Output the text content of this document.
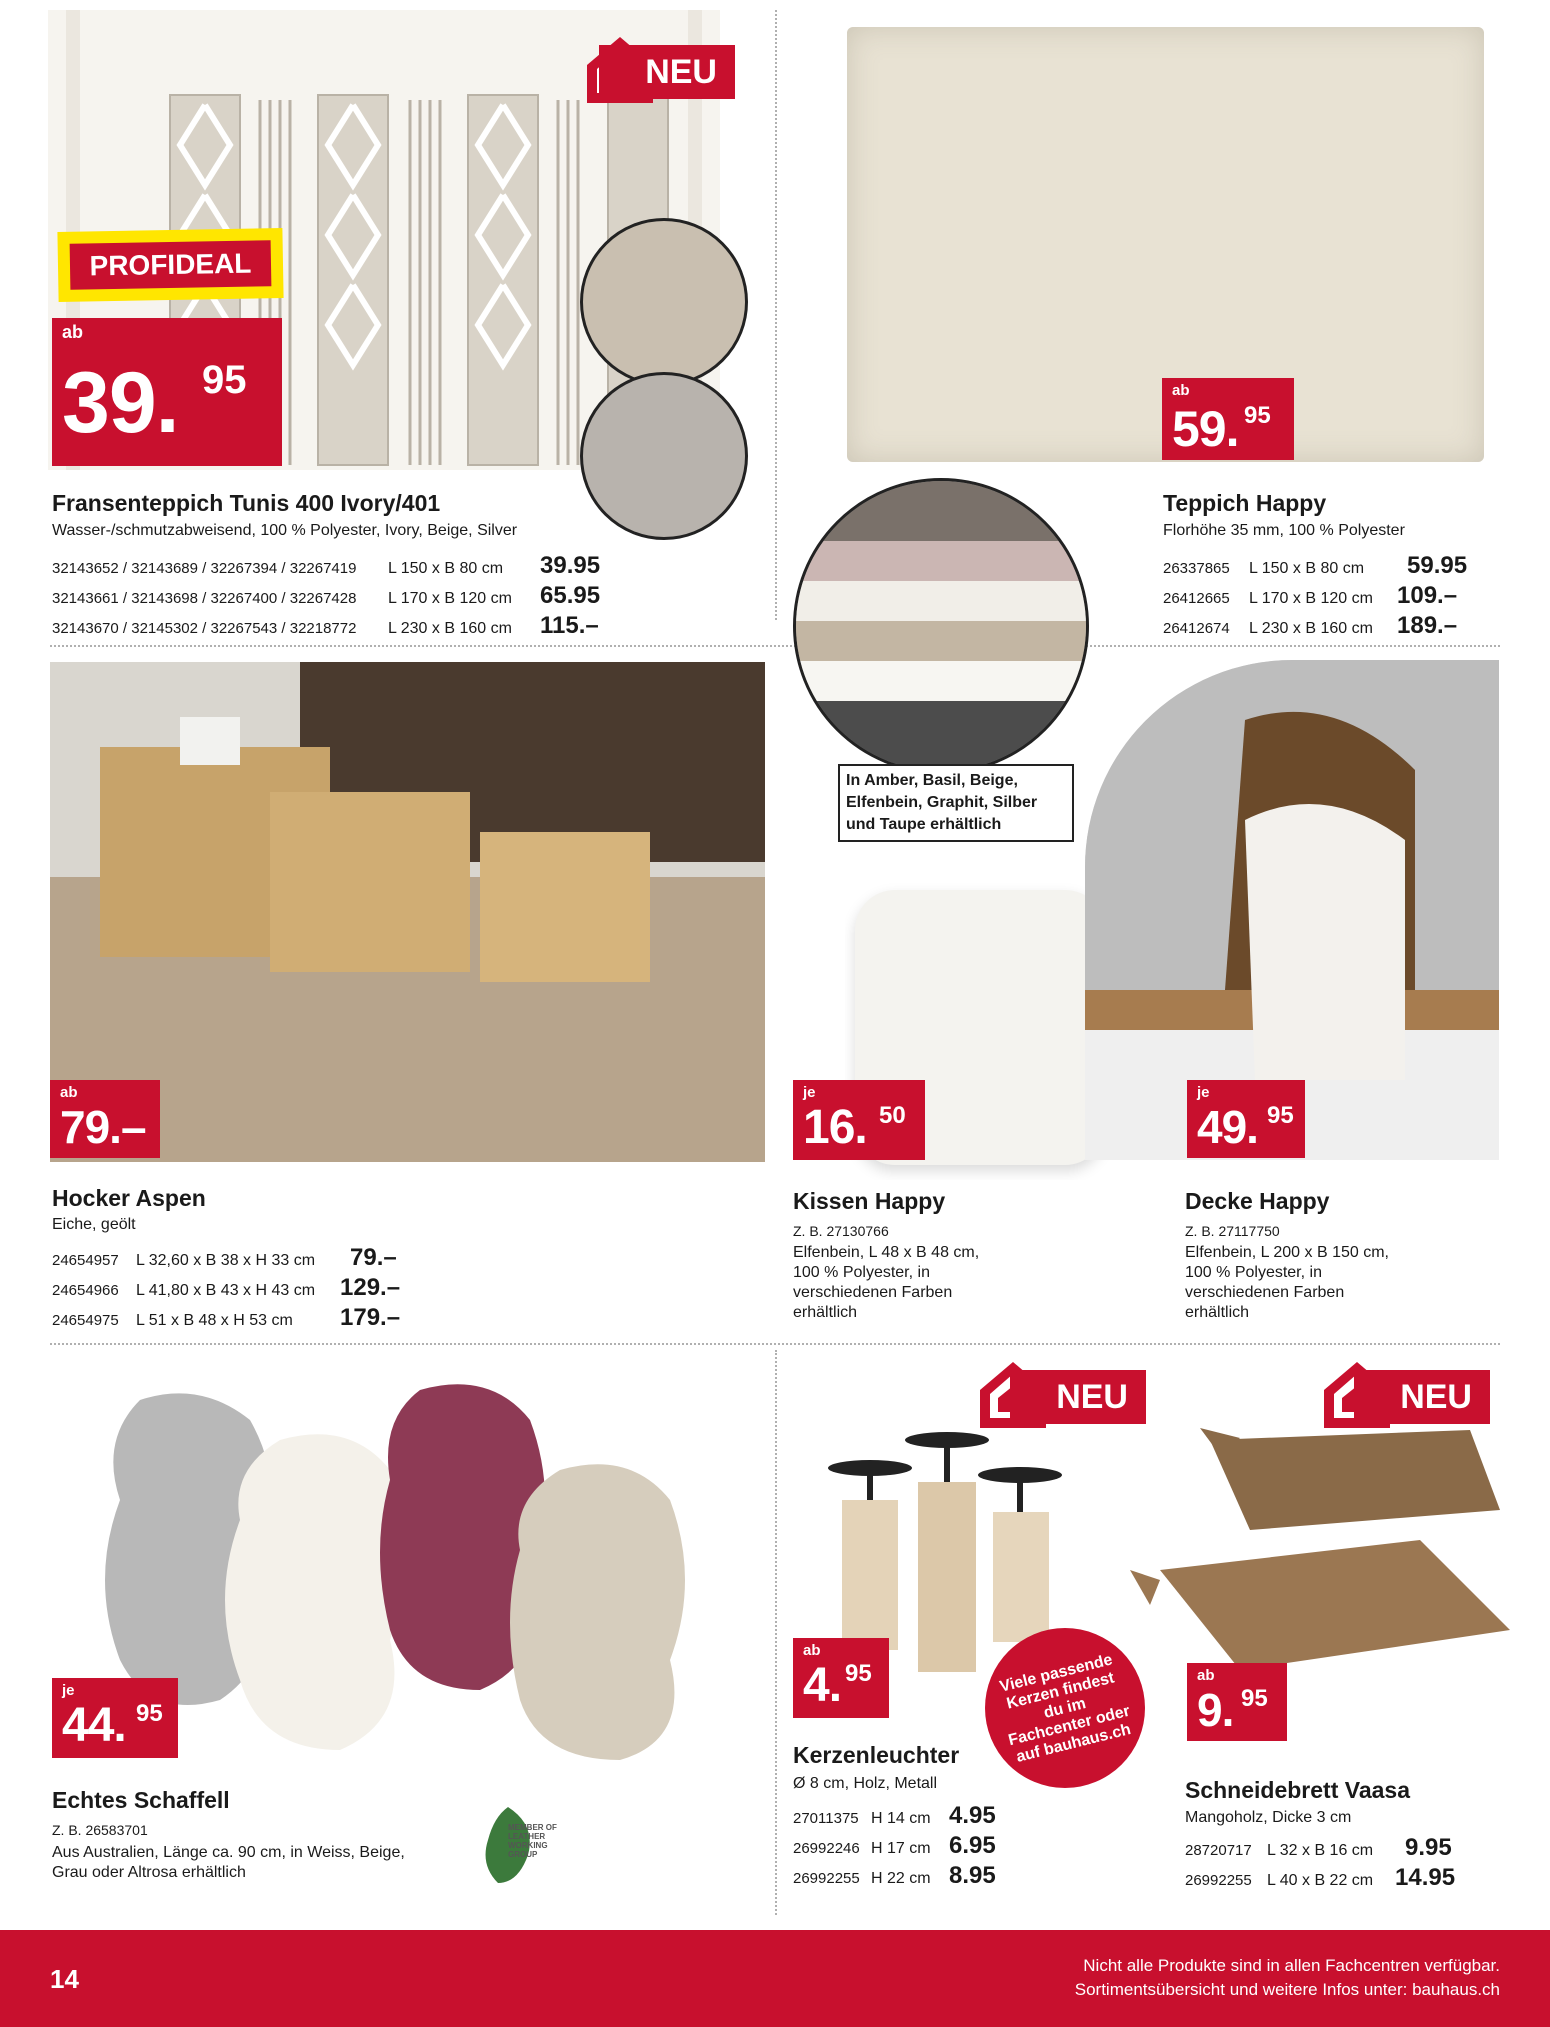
NEU
PROFIDEAL
ab
39. 95
Fransenteppich Tunis 400 Ivory/401
Wasser-/schmutzabweisend, 100 % Polyester, Ivory, Beige, Silver
32143652 / 32143689 / 32267394 / 32267419	L 150 x B 80 cm	39.95
32143661 / 32143698 / 32267400 / 32267428	L 170 x B 120 cm	65.95
32143670 / 32145302 / 32267543 / 32218772	L 230 x B 160 cm	115.–
ab
59. 95
Teppich Happy
Florhöhe 35 mm, 100 % Polyester
26337865	L 150 x B 80 cm	59.95
26412665	L 170 x B 120 cm	109.–
26412674	L 230 x B 160 cm	189.–
In Amber, Basil, Beige, Elfenbein, Graphit, Silber und Taupe erhältlich
ab
79.–
Hocker Aspen
Eiche, geölt
24654957	L 32,60 x B 38 x H 33 cm	79.–
24654966	L 41,80 x B 43 x H 43 cm	129.–
24654975	L 51 x B 48 x H 53 cm	179.–
je
16. 50
Kissen Happy
Z. B. 27130766
Elfenbein, L 48 x B 48 cm, 100 % Polyester, in verschiedenen Farben erhältlich
je
49. 95
Decke Happy
Z. B. 27117750
Elfenbein, L 200 x B 150 cm, 100 % Polyester, in verschiedenen Farben erhältlich
je
44. 95
Echtes Schaffell
Z. B. 26583701
Aus Australien, Länge ca. 90 cm, in Weiss, Beige, Grau oder Altrosa erhältlich
MEMBER OF LEATHER WORKING GROUP
NEU
ab
4. 95	Viele passende Kerzen findest du im Fachcenter oder auf bauhaus.ch
Kerzenleuchter
Ø 8 cm, Holz, Metall
27011375 H 14 cm 4.95
26992246 H 17 cm 6.95
26992255 H 22 cm 8.95
NEU
ab
9. 95
Schneidebrett Vaasa
Mangoholz, Dicke 3 cm
28720717 L 32 x B 16 cm	9.95
26992255 L 40 x B 22 cm 14.95
14	Nicht alle Produkte sind in allen Fachcentren verfügbar.
Sortimentsübersicht und weitere Infos unter: bauhaus.ch
